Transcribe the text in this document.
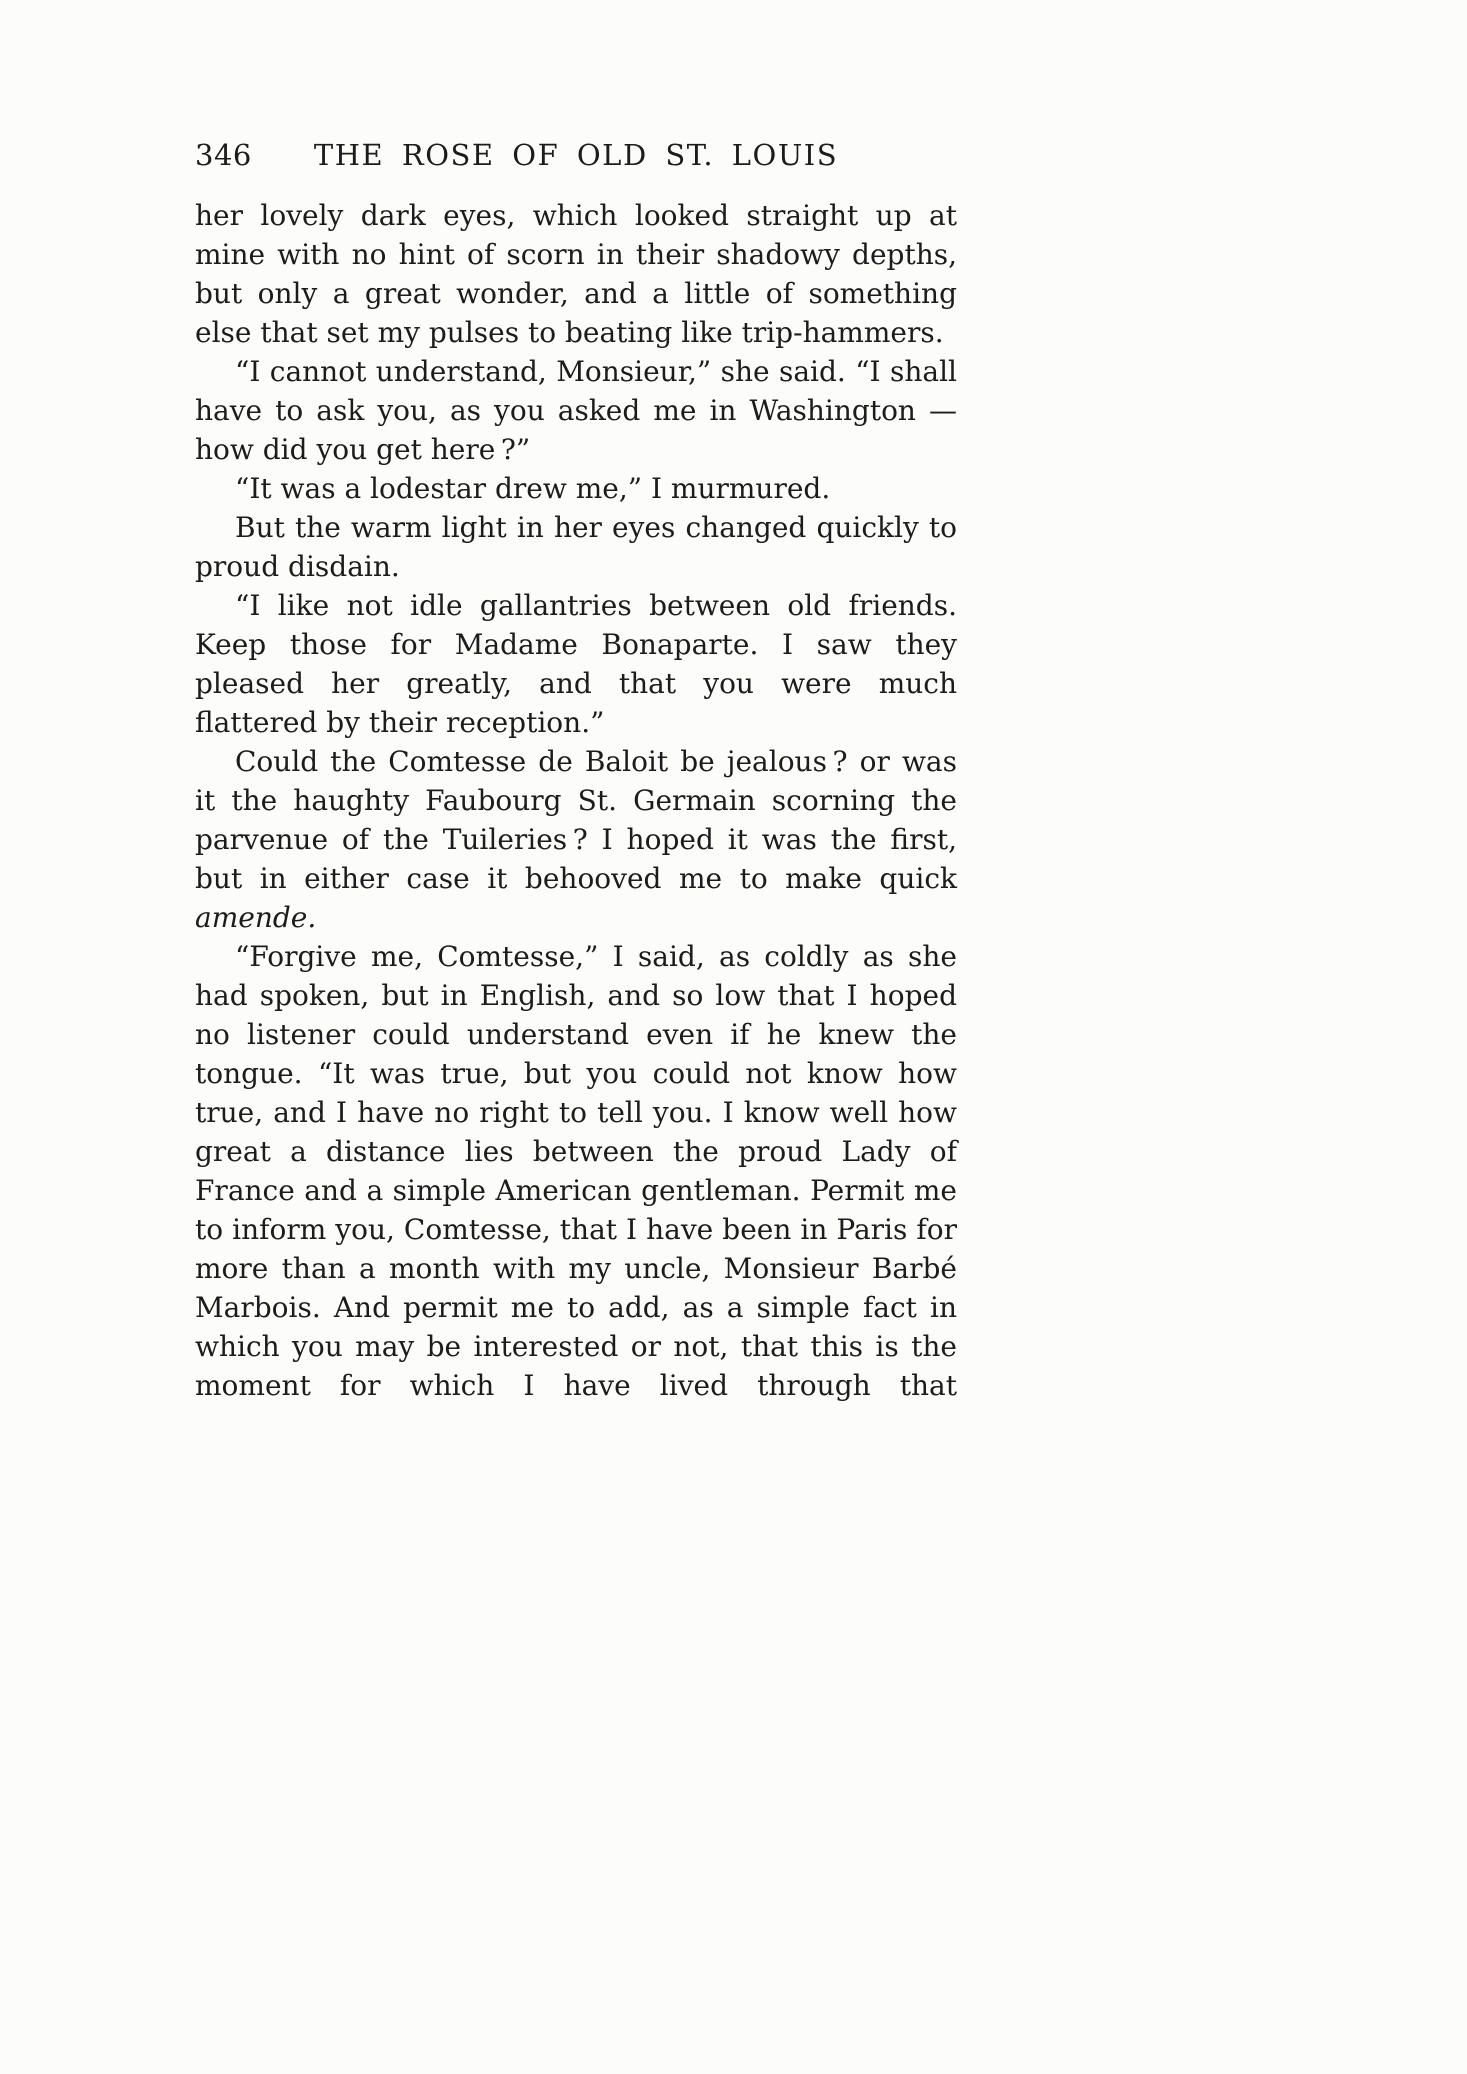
346	THE ROSE OF OLD ST. LOUIS

her lovely dark eyes, which looked straight up at mine with no hint of scorn in their shadowy depths, but only a great wonder, and a little of something else that set my pulses to beating like trip-hammers.

“I cannot understand, Monsieur,” she said. “I shall have to ask you, as you asked me in Washington —how did you get here ?”

“It was a lodestar drew me,” I murmured.

But the warm light in her eyes changed quickly to proud disdain.

“I like not idle gallantries between old friends. Keep those for Madame Bonaparte. I saw they pleased her greatly, and that you were much flattered by their reception.”

Could the Comtesse de Baloit be jealous ? or was it the haughty Faubourg St. Germain scorning the parvenue of the Tuileries ? I hoped it was the first, but in either case it behooved me to make quick amende.

“Forgive me, Comtesse,” I said, as coldly as she had spoken, but in English, and so low that I hoped no listener could understand even if he knew the tongue. “It was true, but you could not know how true, and I have no right to tell you. I know well how great a distance lies between the proud Lady of France and a simple American gentleman. Permit me to inform you, Comtesse, that I have been in Paris for more than a month with my uncle, Monsieur Barbé Marbois. And permit me to add, as a simple fact in which you may be interested or not, that this is the moment for which I have lived through that
